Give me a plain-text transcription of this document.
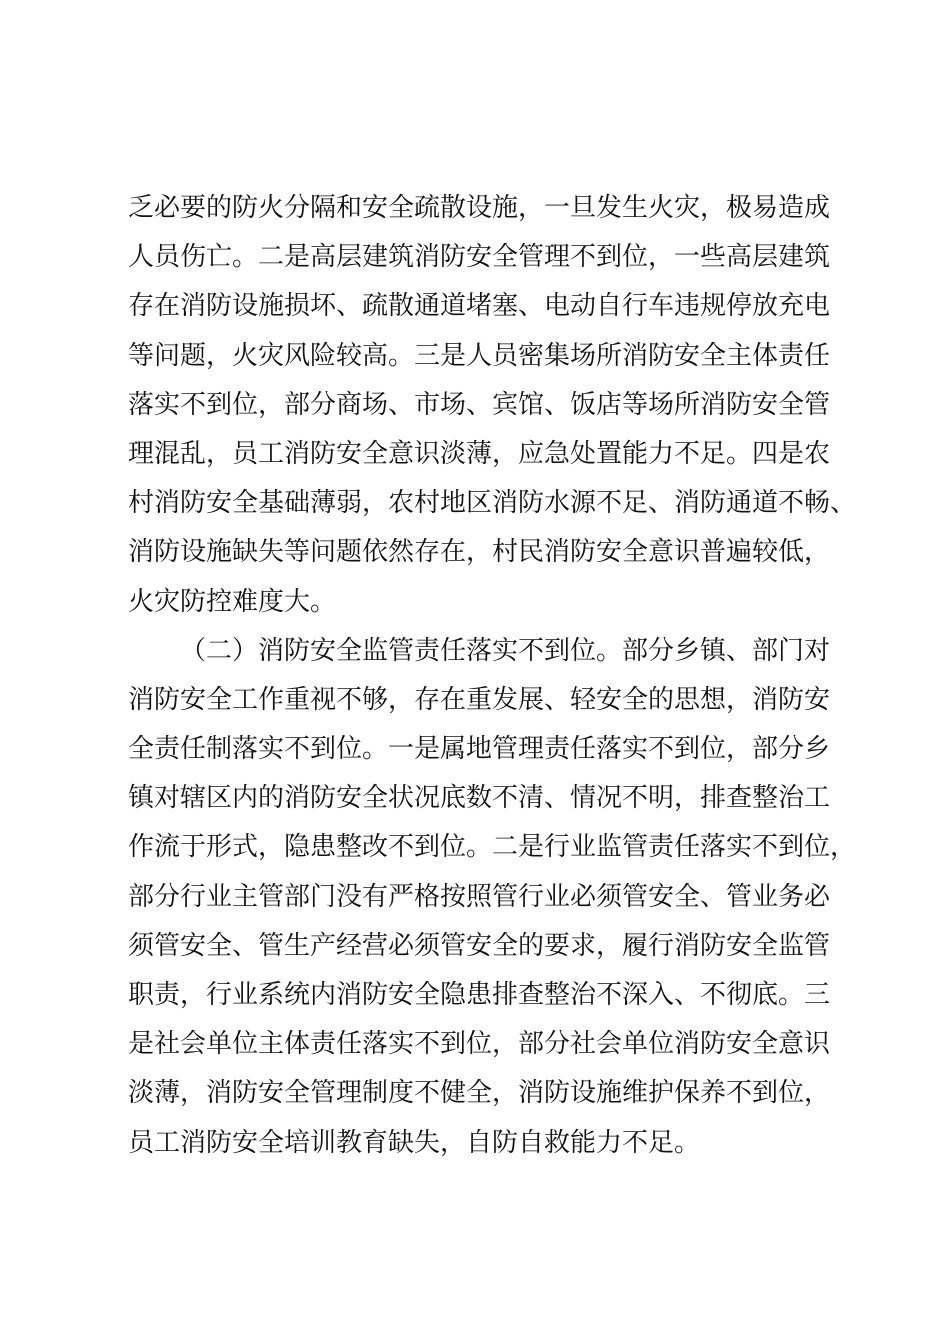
乏必要的防火分隔和安全疏散设施，一旦发生火灾，极易造成
人员伤亡。二是高层建筑消防安全管理不到位，一些高层建筑
存在消防设施损坏、疏散通道堵塞、电动自行车违规停放充电
等问题，火灾风险较高。三是人员密集场所消防安全主体责任
落实不到位，部分商场、市场、宾馆、饭店等场所消防安全管
理混乱，员工消防安全意识淡薄，应急处置能力不足。四是农
村消防安全基础薄弱，农村地区消防水源不足、消防通道不畅、
消防设施缺失等问题依然存在，村民消防安全意识普遍较低，
火灾防控难度大。
（二）消防安全监管责任落实不到位。部分乡镇、部门对
消防安全工作重视不够，存在重发展、轻安全的思想，消防安
全责任制落实不到位。一是属地管理责任落实不到位，部分乡
镇对辖区内的消防安全状况底数不清、情况不明，排查整治工
作流于形式，隐患整改不到位。二是行业监管责任落实不到位，
部分行业主管部门没有严格按照管行业必须管安全、管业务必
须管安全、管生产经营必须管安全的要求，履行消防安全监管
职责，行业系统内消防安全隐患排查整治不深入、不彻底。三
是社会单位主体责任落实不到位，部分社会单位消防安全意识
淡薄，消防安全管理制度不健全，消防设施维护保养不到位，
员工消防安全培训教育缺失，自防自救能力不足。
